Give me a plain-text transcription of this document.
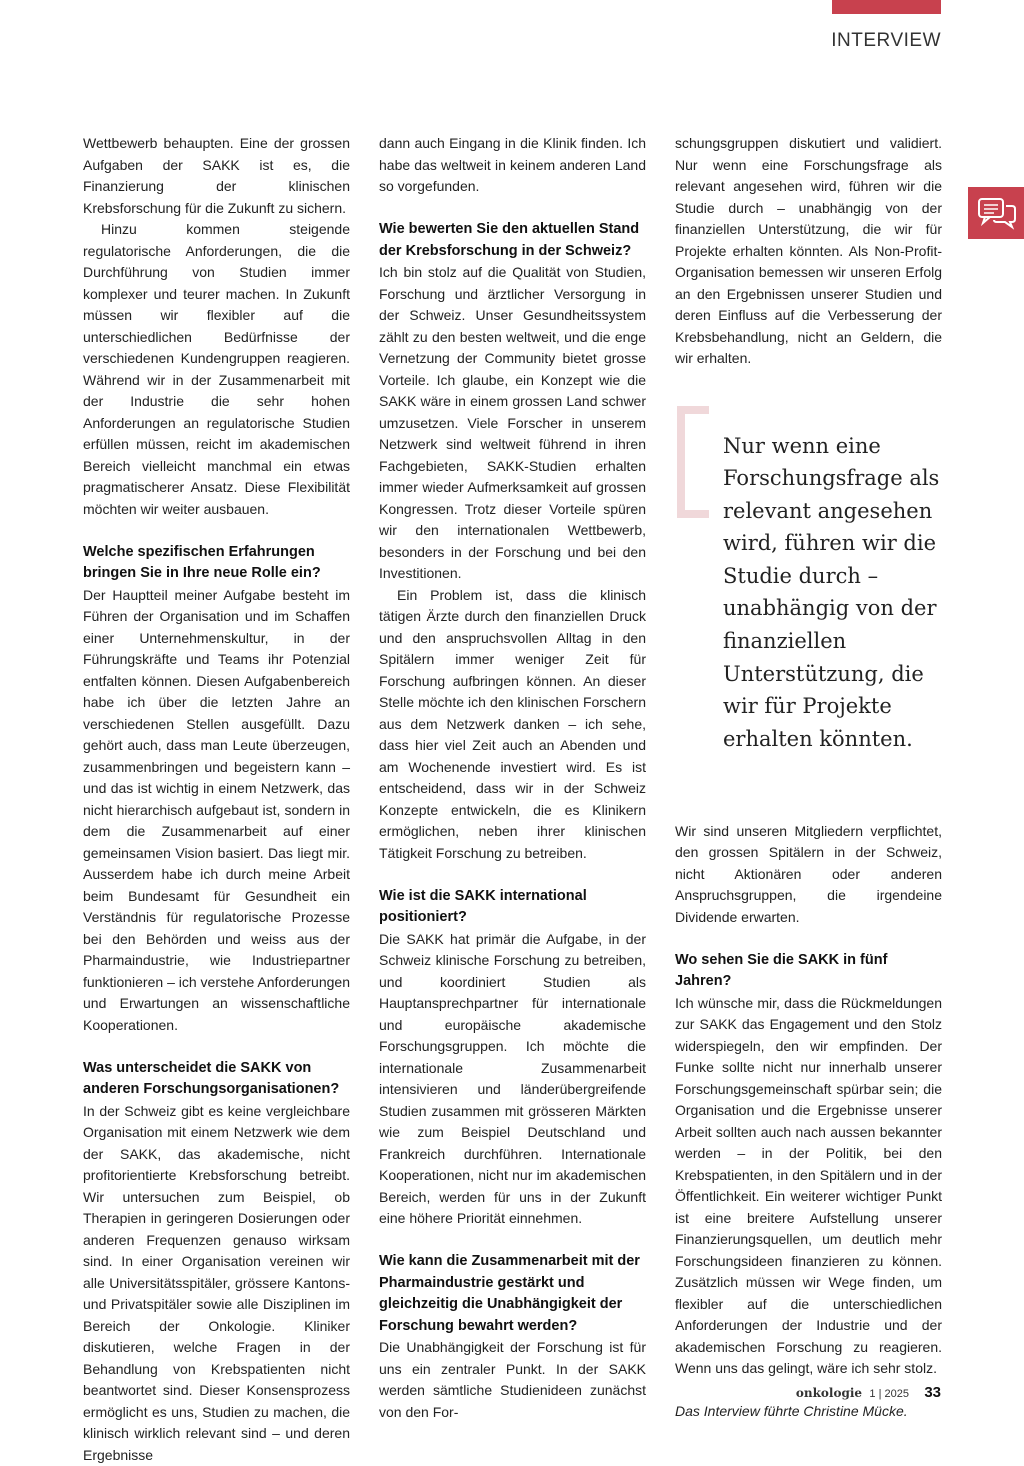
INTERVIEW

Wettbewerb behaupten. Eine der grossen Aufgaben der SAKK ist es, die Finanzierung der klinischen Krebsforschung für die Zukunft zu sichern.

Hinzu kommen steigende regulatorische Anforderungen, die die Durchführung von Studien immer komplexer und teurer machen. In Zukunft müssen wir flexibler auf die unterschiedlichen Bedürfnisse der verschiedenen Kundengruppen reagieren. Während wir in der Zusammenarbeit mit der Industrie die sehr hohen Anforderungen an regulatorische Studien erfüllen müssen, reicht im akademischen Bereich vielleicht manchmal ein etwas pragmatischerer Ansatz. Diese Flexibilität möchten wir weiter ausbauen.

Welche spezifischen Erfahrungen bringen Sie in Ihre neue Rolle ein?

Der Hauptteil meiner Aufgabe besteht im Führen der Organisation und im Schaffen einer Unternehmenskultur, in der Führungskräfte und Teams ihr Potenzial entfalten können. Diesen Aufgabenbereich habe ich über die letzten Jahre an verschiedenen Stellen ausgefüllt. Dazu gehört auch, dass man Leute überzeugen, zusammenbringen und begeistern kann – und das ist wichtig in einem Netzwerk, das nicht hierarchisch aufgebaut ist, sondern in dem die Zusammenarbeit auf einer gemeinsamen Vision basiert. Das liegt mir. Ausserdem habe ich durch meine Arbeit beim Bundesamt für Gesundheit ein Verständnis für regulatorische Prozesse bei den Behörden und weiss aus der Pharmaindustrie, wie Industriepartner funktionieren – ich verstehe Anforderungen und Erwartungen an wissenschaftliche Kooperationen.

Was unterscheidet die SAKK von anderen Forschungsorganisationen?

In der Schweiz gibt es keine vergleichbare Organisation mit einem Netzwerk wie dem der SAKK, das akademische, nicht profitorientierte Krebsforschung betreibt. Wir untersuchen zum Beispiel, ob Therapien in geringeren Dosierungen oder anderen Frequenzen genauso wirksam sind. In einer Organisation vereinen wir alle Universitätsspitäler, grössere Kantons- und Privatspitäler sowie alle Disziplinen im Bereich der Onkologie. Kliniker diskutieren, welche Fragen in der Behandlung von Krebspatienten nicht beantwortet sind. Dieser Konsensprozess ermöglicht es uns, Studien zu machen, die klinisch wirklich relevant sind – und deren Ergebnisse

dann auch Eingang in die Klinik finden. Ich habe das weltweit in keinem anderen Land so vorgefunden.

Wie bewerten Sie den aktuellen Stand der Krebsforschung in der Schweiz?

Ich bin stolz auf die Qualität von Studien, Forschung und ärztlicher Versorgung in der Schweiz. Unser Gesundheitssystem zählt zu den besten weltweit, und die enge Vernetzung der Community bietet grosse Vorteile. Ich glaube, ein Konzept wie die SAKK wäre in einem grossen Land schwer umzusetzen. Viele Forscher in unserem Netzwerk sind weltweit führend in ihren Fachgebieten, SAKK-Studien erhalten immer wieder Aufmerksamkeit auf grossen Kongressen. Trotz dieser Vorteile spüren wir den internationalen Wettbewerb, besonders in der Forschung und bei den Investitionen.

Ein Problem ist, dass die klinisch tätigen Ärzte durch den finanziellen Druck und den anspruchsvollen Alltag in den Spitälern immer weniger Zeit für Forschung aufbringen können. An dieser Stelle möchte ich den klinischen Forschern aus dem Netzwerk danken – ich sehe, dass hier viel Zeit auch an Abenden und am Wochenende investiert wird. Es ist entscheidend, dass wir in der Schweiz Konzepte entwickeln, die es Klinikern ermöglichen, neben ihrer klinischen Tätigkeit Forschung zu betreiben.

Wie ist die SAKK international positioniert?

Die SAKK hat primär die Aufgabe, in der Schweiz klinische Forschung zu betreiben, und koordiniert Studien als Hauptansprechpartner für internationale und europäische akademische Forschungsgruppen. Ich möchte die internationale Zusammenarbeit intensivieren und länderübergreifende Studien zusammen mit grösseren Märkten wie zum Beispiel Deutschland und Frankreich durchführen. Internationale Kooperationen, nicht nur im akademischen Bereich, werden für uns in der Zukunft eine höhere Priorität einnehmen.

Wie kann die Zusammenarbeit mit der Pharmaindustrie gestärkt und gleichzeitig die Unabhängigkeit der Forschung bewahrt werden?

Die Unabhängigkeit der Forschung ist für uns ein zentraler Punkt. In der SAKK werden sämtliche Studienideen zunächst von den For-

schungsgruppen diskutiert und validiert. Nur wenn eine Forschungsfrage als relevant angesehen wird, führen wir die Studie durch – unabhängig von der finanziellen Unterstützung, die wir für Projekte erhalten könnten. Als Non-Profit-Organisation bemessen wir unseren Erfolg an den Ergebnissen unserer Studien und deren Einfluss auf die Verbesserung der Krebsbehandlung, nicht an Geldern, die wir erhalten.

Nur wenn eine Forschungsfrage als relevant angesehen wird, führen wir die Studie durch – unabhängig von der finanziellen Unterstützung, die wir für Projekte erhalten könnten.

Wir sind unseren Mitgliedern verpflichtet, den grossen Spitälern in der Schweiz, nicht Aktionären oder anderen Anspruchsgruppen, die irgendeine Dividende erwarten.

Wo sehen Sie die SAKK in fünf Jahren?

Ich wünsche mir, dass die Rückmeldungen zur SAKK das Engagement und den Stolz widerspiegeln, den wir empfinden. Der Funke sollte nicht nur innerhalb unserer Forschungsgemeinschaft spürbar sein; die Organisation und die Ergebnisse unserer Arbeit sollten auch nach aussen bekannter werden – in der Politik, bei den Krebspatienten, in den Spitälern und in der Öffentlichkeit. Ein weiterer wichtiger Punkt ist eine breitere Aufstellung unserer Finanzierungsquellen, um deutlich mehr Forschungsideen finanzieren zu können. Zusätzlich müssen wir Wege finden, um flexibler auf die unterschiedlichen Anforderungen der Industrie und der akademischen Forschung zu reagieren. Wenn uns das gelingt, wäre ich sehr stolz.

Das Interview führte Christine Mücke.

onkologie 1 | 2025 33
